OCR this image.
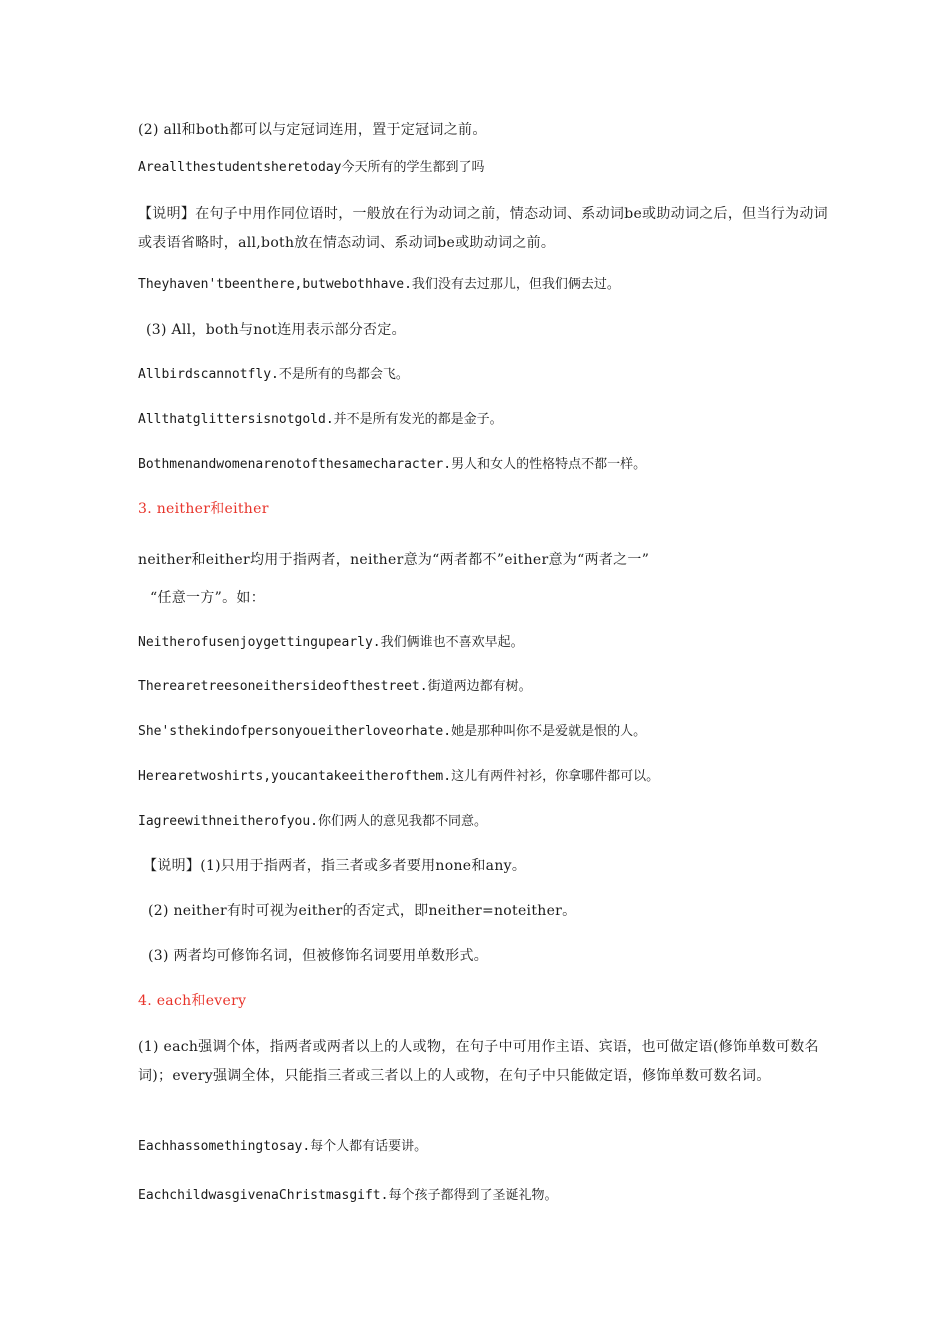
(2) all和both都可以与定冠词连用，置于定冠词之前。
Areallthestudentsheretoday今天所有的学生都到了吗
【说明】在句子中用作同位语时，一般放在行为动词之前，情态动词、系动词be或助动词之后，但当行为动词或表语省略时，all,both放在情态动词、系动词be或助动词之前。
Theyhaven'tbeenthere,butwebothhave.我们没有去过那儿，但我们俩去过。
(3) All，both与not连用表示部分否定。
Allbirdscannotfly.不是所有的鸟都会飞。
Allthatglittersisnotgold.并不是所有发光的都是金子。
Bothmenandwomenarenotofthesamecharacter.男人和女人的性格特点不都一样。
3. neither和either
neither和either均用于指两者，neither意为“两者都不”either意为“两者之一”
“任意一方”。如：
Neitherofusenjoygettingupearly.我们俩谁也不喜欢早起。
Therearetreesoneithersideofthestreet.街道两边都有树。
She'sthekindofpersonyoueitherloveorhate.她是那种叫你不是爱就是恨的人。
Herearetwoshirts,youcantakeeitherofthem.这儿有两件衬衫，你拿哪件都可以。
Iagreewithneitherofyou.你们两人的意见我都不同意。
【说明】(1)只用于指两者，指三者或多者要用none和any。
(2) neither有时可视为either的否定式，即neither=noteither。
(3) 两者均可修饰名词，但被修饰名词要用单数形式。
4. each和every
(1) each强调个体，指两者或两者以上的人或物，在句子中可用作主语、宾语，也可做定语(修饰单数可数名词)；every强调全体，只能指三者或三者以上的人或物，在句子中只能做定语，修饰单数可数名词。
Eachhassomethingtosay.每个人都有话要讲。
EachchildwasgivenaChristmasgift.每个孩子都得到了圣诞礼物。
